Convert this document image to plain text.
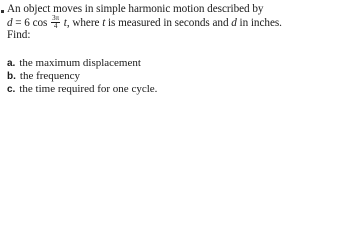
An object moves in simple harmonic motion described by
d = 6 $\cos \frac{3\pi}{4} t$, where t is measured in seconds and d in inches.
Find:
a. the maximum displacement
b. the frequency
c. the time required for one cycle.
